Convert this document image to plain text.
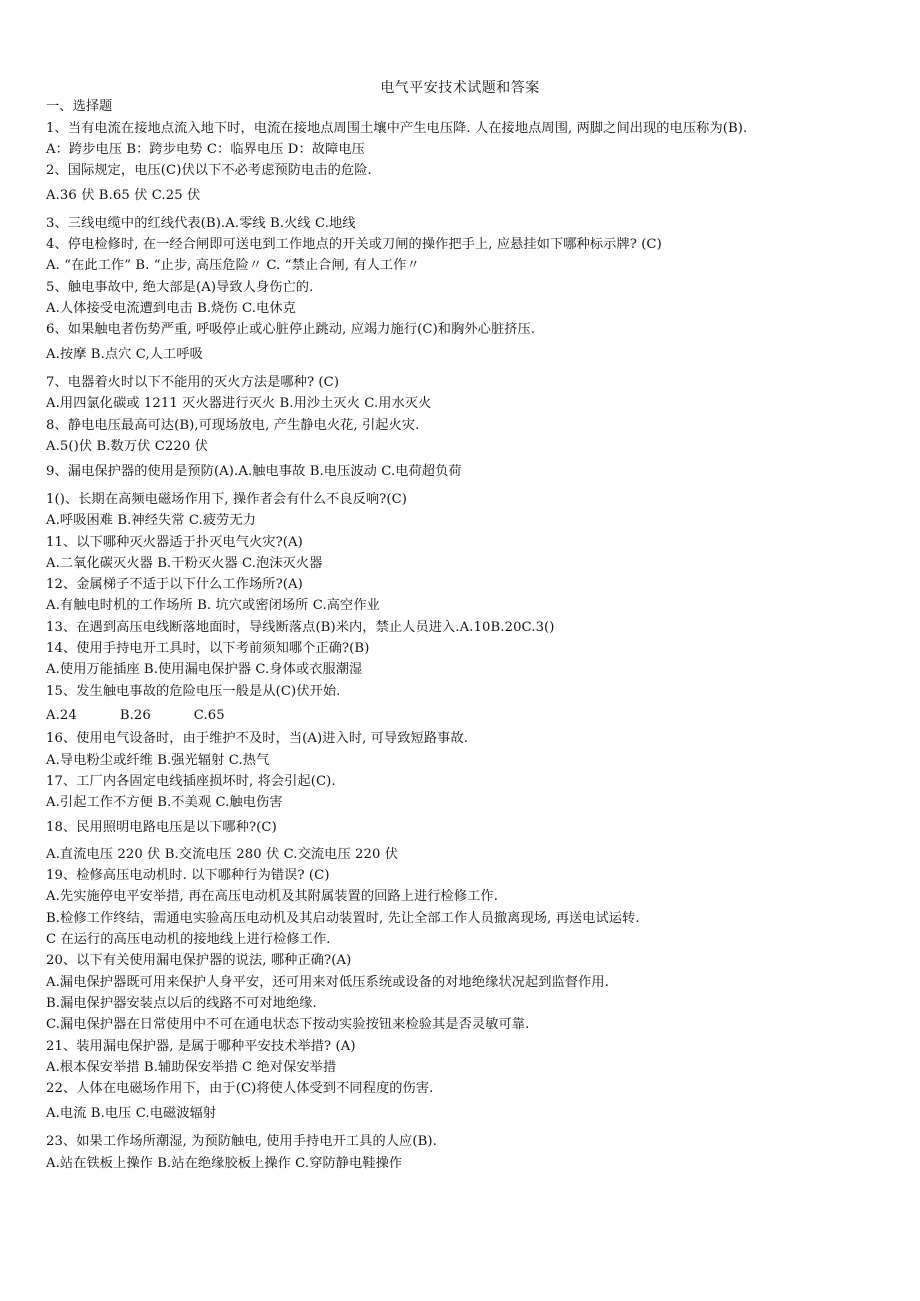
电气平安技术试题和答案
一、选择题
1、当有电流在接地点流入地下时，电流在接地点周围土壤中产生电压降. 人在接地点周围, 两脚之间出现的电压称为(B).
A：跨步电压 B：跨步电势 C：临界电压 D：故障电压
2、国际规定，电压(C)伏以下不必考虑预防电击的危险.
A.36 伏 B.65 伏 C.25 伏
3、三线电缆中的红线代表(B).A.零线 B.火线 C.地线
4、停电检修时, 在一经合闸即可送电到工作地点的开关或刀闸的操作把手上, 应悬挂如下哪种标示牌? (C)
A. “在此工作” B. “止步, 高压危险〃 C. “禁止合闸, 有人工作〃
5、触电事故中, 绝大部是(A)导致人身伤亡的.
A.人体接受电流遭到电击 B.烧伤 C.电休克
6、如果触电者伤势严重, 呼吸停止或心脏停止跳动, 应竭力施行(C)和胸外心脏挤压.
A.按摩 B.点穴 C,人工呼吸
7、电器着火时以下不能用的灭火方法是哪种? (C)
A.用四氯化碳或 1211 灭火器进行灭火 B.用沙土灭火 C.用水灭火
8、静电电压最高可达(B),可现场放电, 产生静电火花, 引起火灾.
A.5()伏 B.数万伏 C220 伏
9、漏电保护器的使用是预防(A).A.触电事故 B.电压波动 C.电荷超负荷
1()、长期在高频电磁场作用下, 操作者会有什么不良反响?(C)
A.呼吸困难 B.神经失常 C.疲劳无力
11、以下哪种灭火器适于扑灭电气火灾?(A)
A.二氧化碳灭火器 B.干粉灭火器 C.泡沫灭火器
12、金属梯子不适于以下什么工作场所?(A)
A.有触电时机的工作场所 B. 坑穴或密闭场所 C.高空作业
13、在遇到高压电线断落地面时，导线断落点(B)米内，禁止人员进入.A.10B.20C.3()
14、使用手持电开工具时，以下考前须知哪个正确?(B)
A.使用万能插座 B.使用漏电保护器 C.身体或衣服潮湿
15、发生触电事故的危险电压一般是从(C)伏开始.
A.24          B.26          C.65
16、使用电气设备时，由于维护不及时，当(A)进入时, 可导致短路事故.
A.导电粉尘或纤维 B.强光辐射 C.热气
17、工厂内各固定电线插座损坏时, 将会引起(C).
A.引起工作不方便 B.不美观 C.触电伤害
18、民用照明电路电压是以下哪种?(C)
A.直流电压 220 伏 B.交流电压 280 伏 C.交流电压 220 伏
19、检修高压电动机时. 以下哪种行为错误? (C)
A.先实施停电平安举措, 再在高压电动机及其附属装置的回路上进行检修工作.
B.检修工作终结，需通电实验高压电动机及其启动装置时, 先让全部工作人员撤离现场, 再送电试运转.
C 在运行的高压电动机的接地线上进行检修工作.
20、以下有关使用漏电保护器的说法, 哪种正确?(A)
A.漏电保护器既可用来保护人身平安，还可用来对低压系统或设备的对地绝缘状况起到监督作用.
B.漏电保护器安装点以后的线路不可对地绝缘.
C.漏电保护器在日常使用中不可在通电状态下按动实验按钮来检验其是否灵敏可靠.
21、装用漏电保护器, 是属于哪种平安技术举措? (A)
A.根本保安举措 B.辅助保安举措 C 绝对保安举措
22、人体在电磁场作用下，由于(C)将使人体受到不同程度的伤害.
A.电流 B.电压 C.电磁波辐射
23、如果工作场所潮湿, 为预防触电, 使用手持电开工具的人应(B).
A.站在铁板上操作 B.站在绝缘胶板上操作 C.穿防静电鞋操作
